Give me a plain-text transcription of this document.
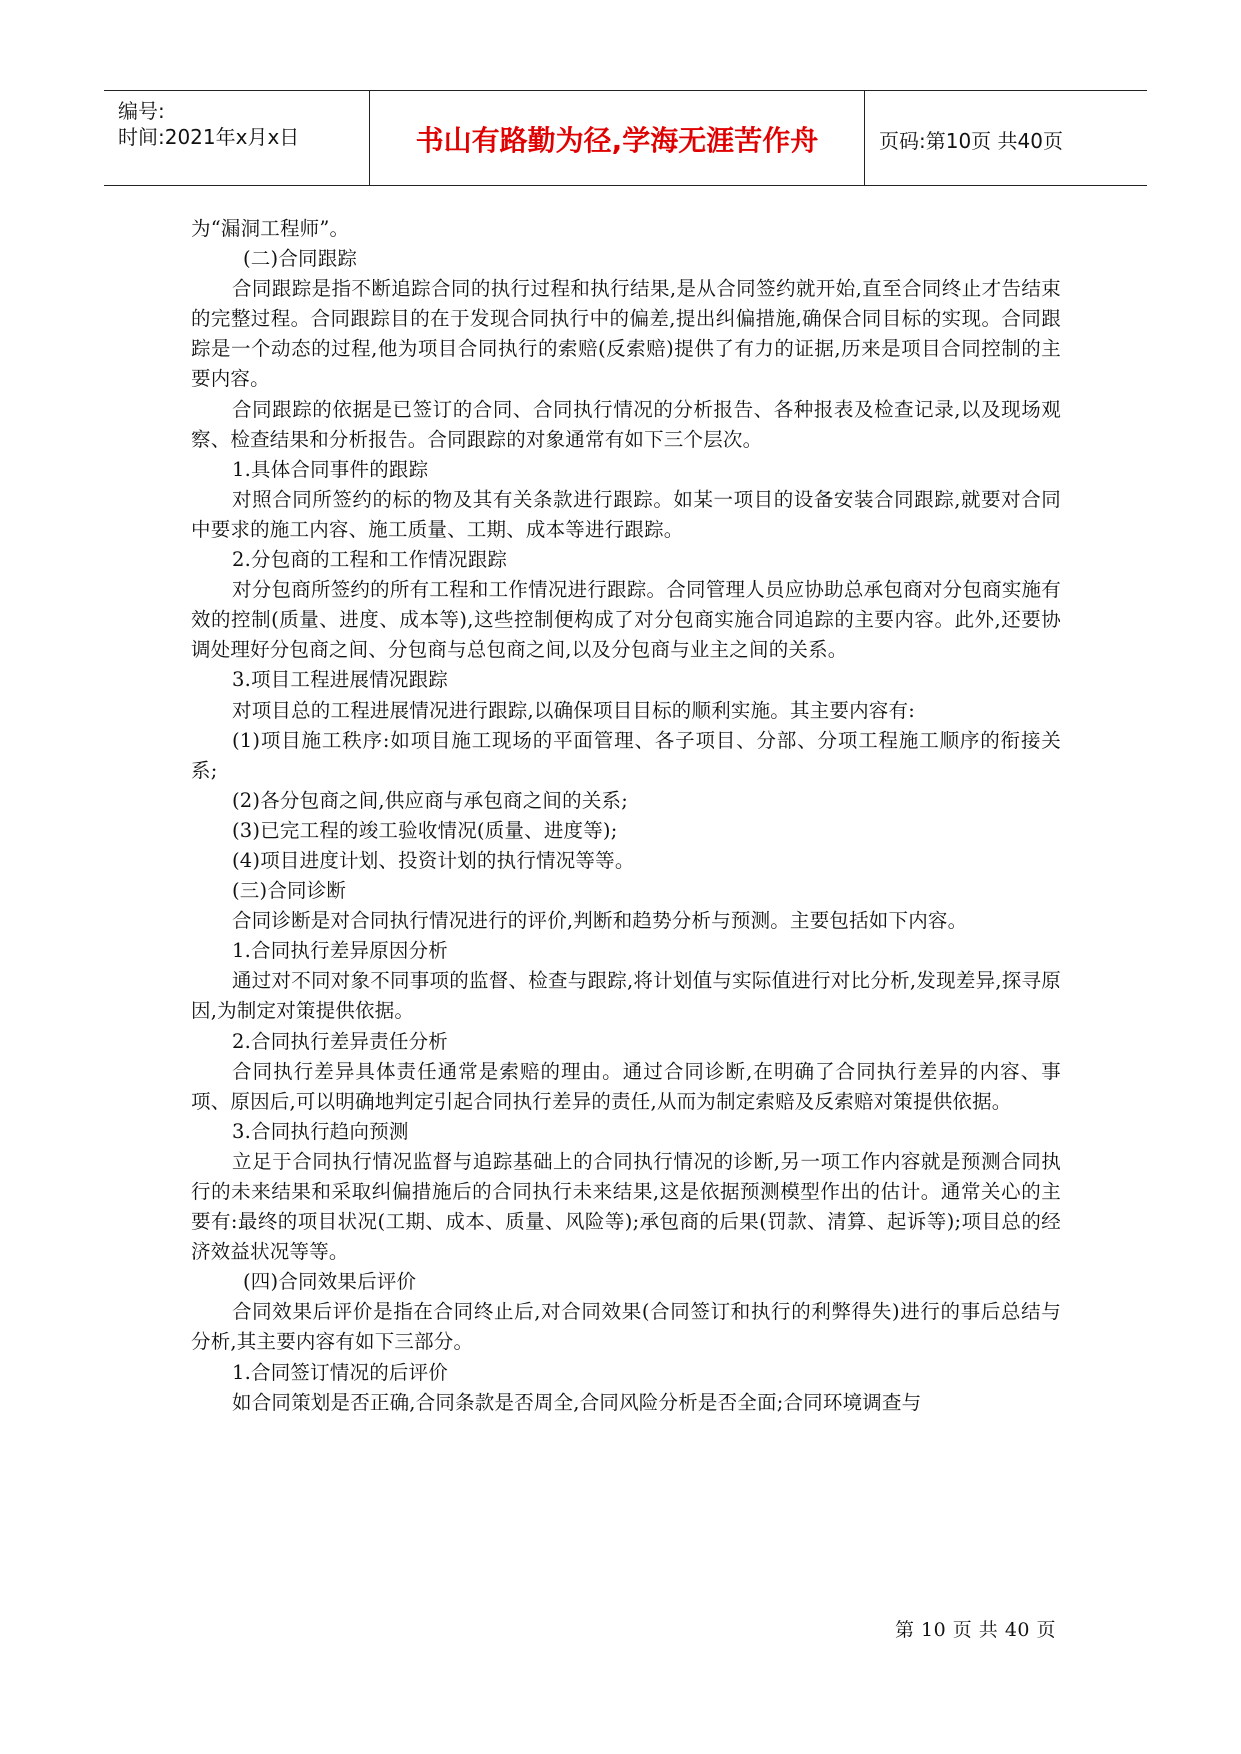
编号:
时间:2021年x月x日	书山有路勤为径,学海无涯苦作舟	页码:第10页 共40页

为“漏洞工程师”。

(二)合同跟踪

合同跟踪是指不断追踪合同的执行过程和执行结果,是从合同签约就开始,直至合同终止才告结束的完整过程。合同跟踪目的在于发现合同执行中的偏差,提出纠偏措施,确保合同目标的实现。合同跟踪是一个动态的过程,他为项目合同执行的索赔(反索赔)提供了有力的证据,历来是项目合同控制的主要内容。

合同跟踪的依据是已签订的合同、合同执行情况的分析报告、各种报表及检查记录,以及现场观察、检查结果和分析报告。合同跟踪的对象通常有如下三个层次。

1.具体合同事件的跟踪

对照合同所签约的标的物及其有关条款进行跟踪。如某一项目的设备安装合同跟踪,就要对合同中要求的施工内容、施工质量、工期、成本等进行跟踪。

2.分包商的工程和工作情况跟踪

对分包商所签约的所有工程和工作情况进行跟踪。合同管理人员应协助总承包商对分包商实施有效的控制(质量、进度、成本等),这些控制便构成了对分包商实施合同追踪的主要内容。此外,还要协调处理好分包商之间、分包商与总包商之间,以及分包商与业主之间的关系。

3.项目工程进展情况跟踪

对项目总的工程进展情况进行跟踪,以确保项目目标的顺利实施。其主要内容有:

(1)项目施工秩序:如项目施工现场的平面管理、各子项目、分部、分项工程施工顺序的衔接关系;

(2)各分包商之间,供应商与承包商之间的关系;

(3)已完工程的竣工验收情况(质量、进度等);

(4)项目进度计划、投资计划的执行情况等等。

(三)合同诊断

合同诊断是对合同执行情况进行的评价,判断和趋势分析与预测。主要包括如下内容。

1.合同执行差异原因分析

通过对不同对象不同事项的监督、检查与跟踪,将计划值与实际值进行对比分析,发现差异,探寻原因,为制定对策提供依据。

2.合同执行差异责任分析

合同执行差异具体责任通常是索赔的理由。通过合同诊断,在明确了合同执行差异的内容、事项、原因后,可以明确地判定引起合同执行差异的责任,从而为制定索赔及反索赔对策提供依据。

3.合同执行趋向预测

立足于合同执行情况监督与追踪基础上的合同执行情况的诊断,另一项工作内容就是预测合同执行的未来结果和采取纠偏措施后的合同执行未来结果,这是依据预测模型作出的估计。通常关心的主要有:最终的项目状况(工期、成本、质量、风险等);承包商的后果(罚款、清算、起诉等);项目总的经济效益状况等等。

(四)合同效果后评价

合同效果后评价是指在合同终止后,对合同效果(合同签订和执行的利弊得失)进行的事后总结与分析,其主要内容有如下三部分。

1.合同签订情况的后评价

如合同策划是否正确,合同条款是否周全,合同风险分析是否全面;合同环境调查与

第 10 页 共 40 页
